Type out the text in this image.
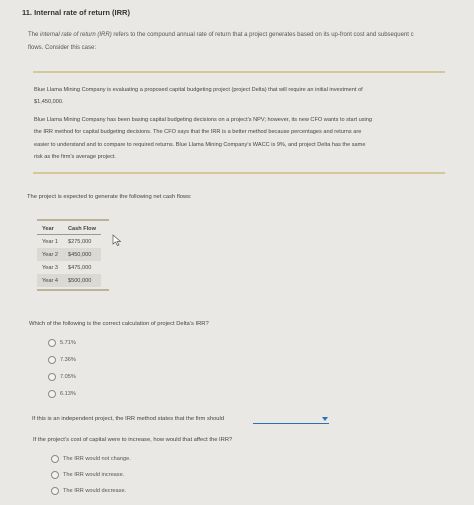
11. Internal rate of return (IRR)
The internal rate of return (IRR) refers to the compound annual rate of return that a project generates based on its up-front cost and subsequent c
flows. Consider this case:
Blue Llama Mining Company is evaluating a proposed capital budgeting project (project Delta) that will require an initial investment of
$1,450,000.
Blue Llama Mining Company has been basing capital budgeting decisions on a project’s NPV; however, its new CFO wants to start using
the IRR method for capital budgeting decisions. The CFO says that the IRR is a better method because percentages and returns are
easier to understand and to compare to required returns. Blue Llama Mining Company’s WACC is 9%, and project Delta has the same
risk as the firm’s average project.
The project is expected to generate the following net cash flows:
Year	Cash Flow
Year 1	$275,000
Year 2	$450,000
Year 3	$475,000
Year 4	$500,000
Which of the following is the correct calculation of project Delta’s IRR?
5.71%
7.36%
7.05%
6.13%
If this is an independent project, the IRR method states that the firm should
If the project’s cost of capital were to increase, how would that affect the IRR?
The IRR would not change.
The IRR would increase.
The IRR would decrease.
